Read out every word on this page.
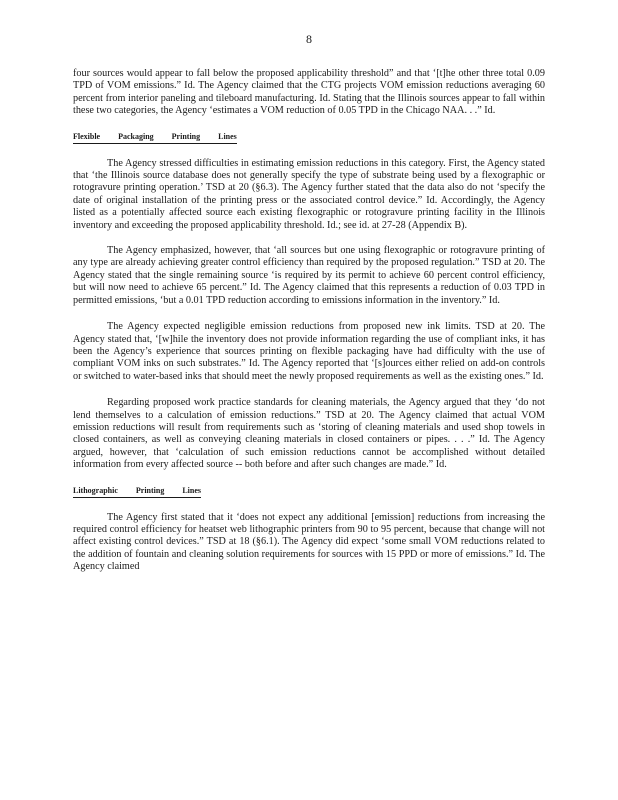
8

four sources would appear to fall below the proposed applicability threshold” and that ‘[t]he other three total 0.09 TPD of VOM emissions.” Id. The Agency claimed that the CTG projects VOM emission reductions averaging 60 percent from interior paneling and tileboard manufacturing. Id. Stating that the Illinois sources appear to fall within these two categories, the Agency ‘estimates a VOM reduction of 0.05 TPD in the Chicago NAA. . .” Id.

Flexible Packaging Printing Lines

The Agency stressed difficulties in estimating emission reductions in this category. First, the Agency stated that ‘the Illinois source database does not generally specify the type of substrate being used by a flexographic or rotogravure printing operation.’ TSD at 20 (§6.3). The Agency further stated that the data also do not ‘specify the date of original installation of the printing press or the associated control device.” Id. Accordingly, the Agency listed as a potentially affected source each existing flexographic or rotogravure printing facility in the Illinois inventory and exceeding the proposed applicability threshold. Id.; see id. at 27-28 (Appendix B).

The Agency emphasized, however, that ‘all sources but one using flexographic or rotogravure printing of any type are already achieving greater control efficiency than required by the proposed regulation.” TSD at 20. The Agency stated that the single remaining source ‘is required by its permit to achieve 60 percent control efficiency, but will now need to achieve 65 percent.” Id. The Agency claimed that this represents a reduction of 0.03 TPD in permitted emissions, ‘but a 0.01 TPD reduction according to emissions information in the inventory.” Id.

The Agency expected negligible emission reductions from proposed new ink limits. TSD at 20. The Agency stated that, ‘[w]hile the inventory does not provide information regarding the use of compliant inks, it has been the Agency’s experience that sources printing on flexible packaging have had difficulty with the use of compliant VOM inks on such substrates.” Id. The Agency reported that ‘[s]ources either relied on add-on controls or switched to water-based inks that should meet the newly proposed requirements as well as the existing ones.” Id.

Regarding proposed work practice standards for cleaning materials, the Agency argued that they ‘do not lend themselves to a calculation of emission reductions.” TSD at 20. The Agency claimed that actual VOM emission reductions will result from requirements such as ‘storing of cleaning materials and used shop towels in closed containers, as well as conveying cleaning materials in closed containers or pipes. . . .” Id. The Agency argued, however, that ‘calculation of such emission reductions cannot be accomplished without detailed information from every affected source -- both before and after such changes are made.” Id.

Lithographic Printing Lines

The Agency first stated that it ‘does not expect any additional [emission] reductions from increasing the required control efficiency for heatset web lithographic printers from 90 to 95 percent, because that change will not affect existing control devices.” TSD at 18 (§6.1). The Agency did expect ‘some small VOM reductions related to the addition of fountain and cleaning solution requirements for sources with 15 PPD or more of emissions.” Id. The Agency claimed
